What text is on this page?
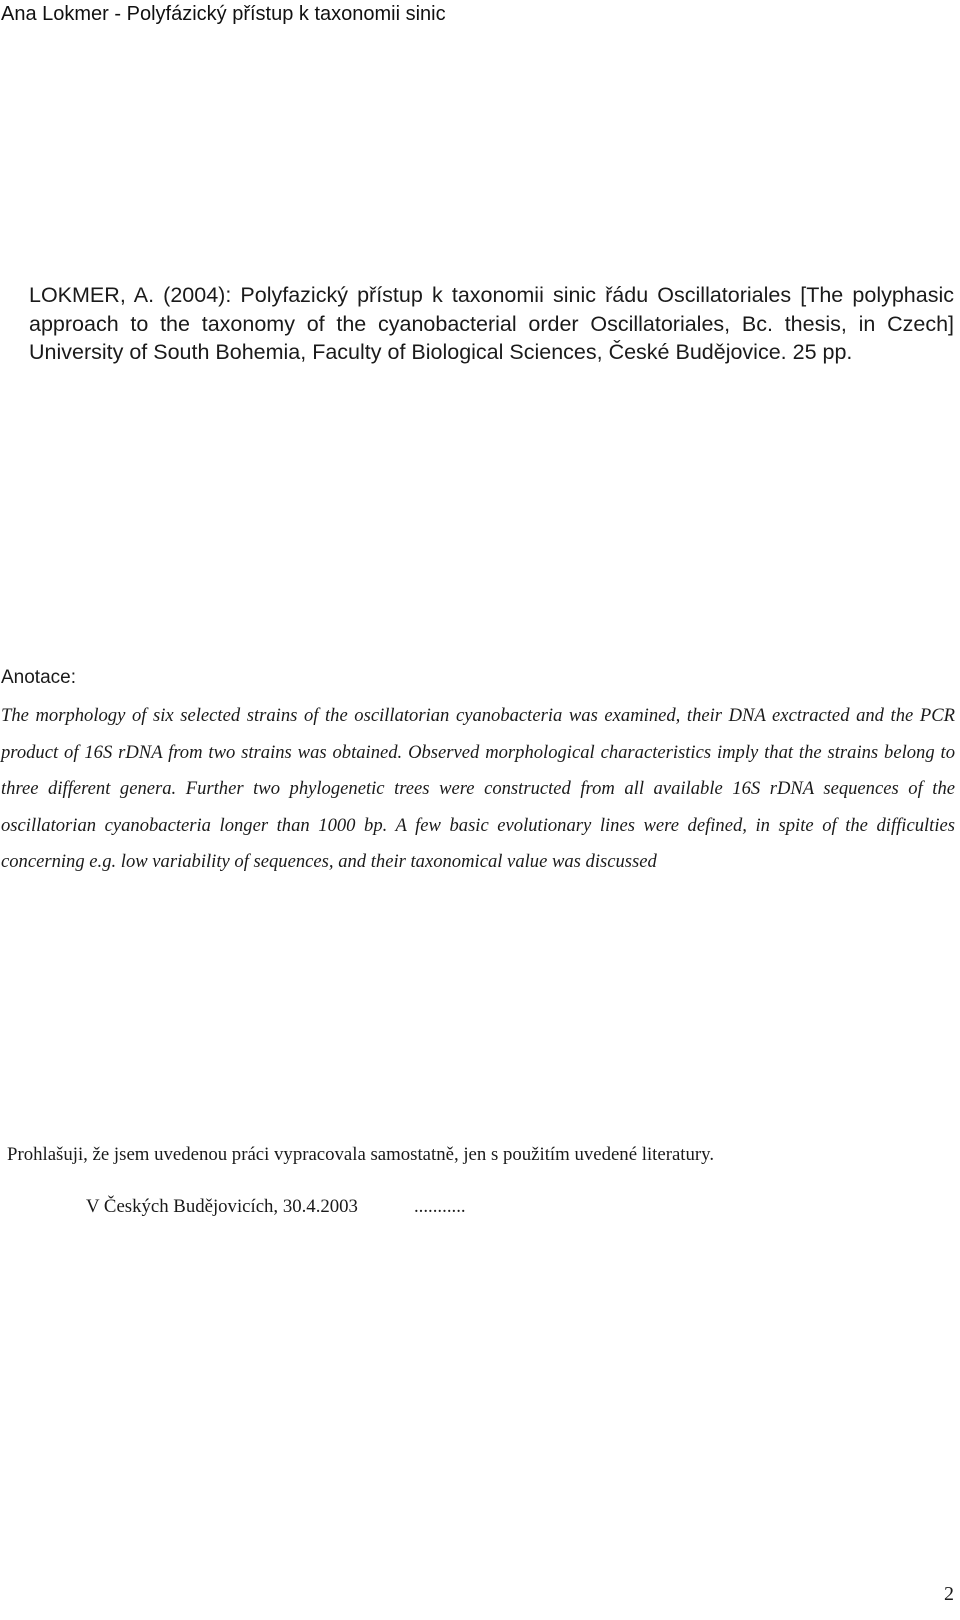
Ana Lokmer - Polyfázický přístup k taxonomii sinic
LOKMER, A. (2004): Polyfazický přístup k taxonomii sinic řádu Oscillatoriales [The polyphasic approach to the taxonomy of the cyanobacterial order Oscillatoriales, Bc. thesis, in Czech] University of South Bohemia, Faculty of Biological Sciences, České Budějovice. 25 pp.
Anotace:
The morphology of six selected strains of the oscillatorian cyanobacteria was examined, their DNA exctracted and the PCR product of 16S rDNA from two strains was obtained. Observed morphological characteristics imply that the strains belong to three different genera. Further two phylogenetic trees were constructed from all available 16S rDNA sequences of the oscillatorian cyanobacteria longer than 1000 bp. A few basic evolutionary lines were defined, in spite of the difficulties concerning e.g. low variability of sequences, and their taxonomical value was discussed
Prohlašuji, že jsem uvedenou práci vypracovala samostatně, jen s použitím uvedené literatury.
V Českých Budějovicích, 30.4.2003	...........
2
